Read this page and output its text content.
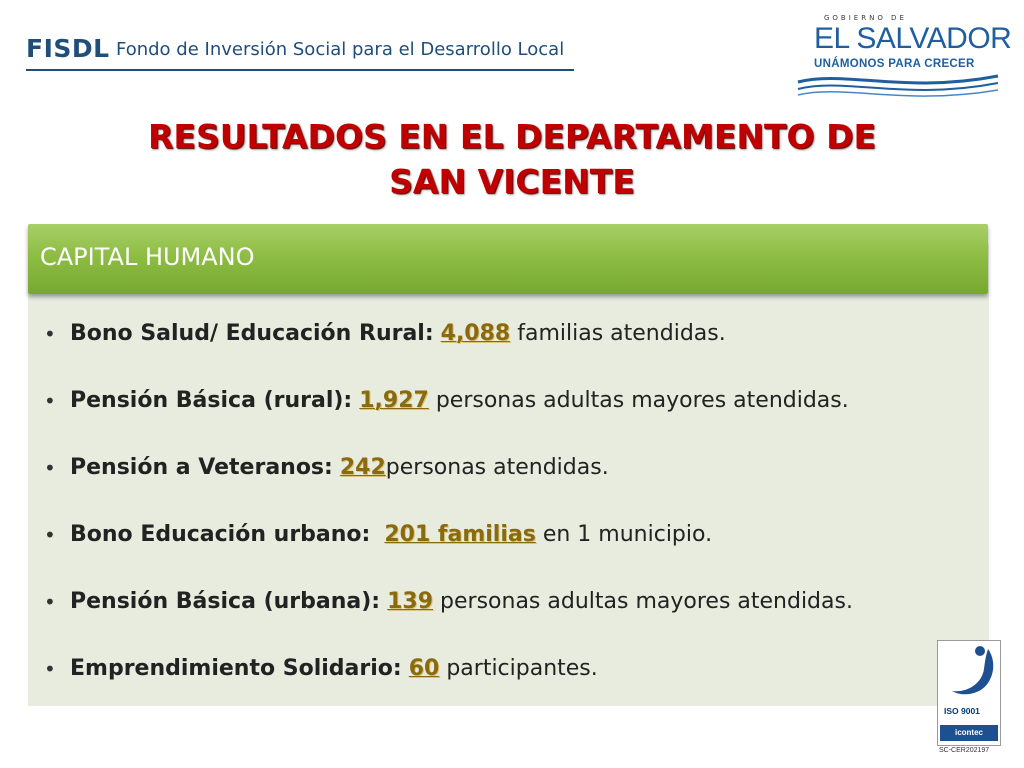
FISDL Fondo de Inversión Social para el Desarrollo Local
GOBIERNO DE
EL SALVADOR
UNÁMONOS PARA CRECER
RESULTADOS EN EL DEPARTAMENTO DE
SAN VICENTE
CAPITAL HUMANO
• Bono Salud/ Educación Rural: 4,088 familias atendidas.
• Pensión Básica (rural): 1,927 personas adultas mayores atendidas.
• Pensión a Veteranos: 242personas atendidas.
• Bono Educación urbano: 201 familias en 1 municipio.
• Pensión Básica (urbana): 139 personas adultas mayores atendidas.
• Emprendimiento Solidario: 60 participantes.
ISO 9001
icontec
SC-CER202197
